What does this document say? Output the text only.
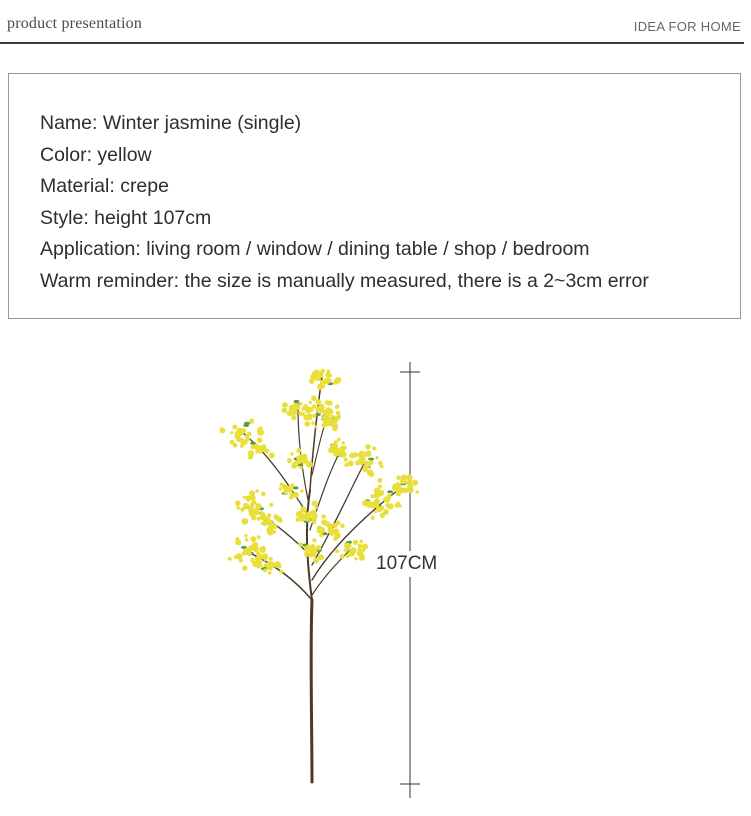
product presentation	IDEA FOR HOME
Name: Winter jasmine (single)
Color: yellow
Material: crepe
Style: height 107cm
Application: living room / window / dining table / shop / bedroom
Warm reminder: the size is manually measured, there is a 2~3cm error
107CM
